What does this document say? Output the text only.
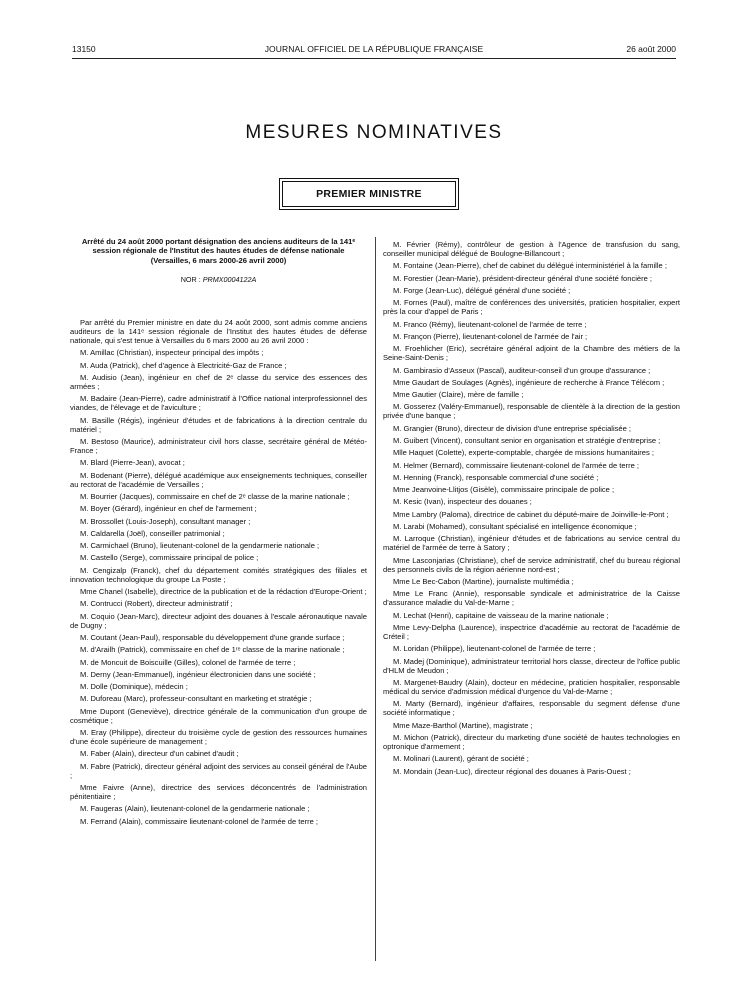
13150	JOURNAL OFFICIEL DE LA RÉPUBLIQUE FRANÇAISE	26 août 2000
MESURES NOMINATIVES
PREMIER MINISTRE
Arrêté du 24 août 2000 portant désignation des anciens auditeurs de la 141ᵉ session régionale de l'Institut des hautes études de défense nationale (Versailles, 6 mars 2000-26 avril 2000)
NOR : PRMX0004122A
Par arrêté du Premier ministre en date du 24 août 2000, sont admis comme anciens auditeurs de la 141ᵉ session régionale de l'Institut des hautes études de défense nationale, qui s'est tenue à Versailles du 6 mars 2000 au 26 avril 2000 :
M. Amillac (Christian), inspecteur principal des impôts ;
M. Auda (Patrick), chef d'agence à Electricité-Gaz de France ;
M. Audisio (Jean), ingénieur en chef de 2ᵉ classe du service des essences des armées ;
M. Badaire (Jean-Pierre), cadre administratif à l'Office national interprofessionnel des viandes, de l'élevage et de l'aviculture ;
M. Basille (Régis), ingénieur d'études et de fabrications à la direction centrale du matériel ;
M. Bestoso (Maurice), administrateur civil hors classe, secrétaire général de Météo-France ;
M. Blard (Pierre-Jean), avocat ;
M. Bodenant (Pierre), délégué académique aux enseignements techniques, conseiller au rectorat de l'académie de Versailles ;
M. Bourrier (Jacques), commissaire en chef de 2ᵉ classe de la marine nationale ;
M. Boyer (Gérard), ingénieur en chef de l'armement ;
M. Brossollet (Louis-Joseph), consultant manager ;
M. Caldarella (Joël), conseiller patrimonial ;
M. Carmichael (Bruno), lieutenant-colonel de la gendarmerie nationale ;
M. Castello (Serge), commissaire principal de police ;
M. Cengizalp (Franck), chef du département comités stratégiques des filiales et innovation technologique du groupe La Poste ;
Mme Chanel (Isabelle), directrice de la publication et de la rédaction d'Europe-Orient ;
M. Contrucci (Robert), directeur administratif ;
M. Coquio (Jean-Marc), directeur adjoint des douanes à l'escale aéronautique navale de Dugny ;
M. Coutant (Jean-Paul), responsable du développement d'une grande surface ;
M. d'Arailh (Patrick), commissaire en chef de 1ʳᵉ classe de la marine nationale ;
M. de Moncuit de Boiscuille (Gilles), colonel de l'armée de terre ;
M. Derny (Jean-Emmanuel), ingénieur électronicien dans une société ;
M. Dolle (Dominique), médecin ;
M. Duforeau (Marc), professeur-consultant en marketing et stratégie ;
Mme Dupont (Geneviève), directrice générale de la communication d'un groupe de cosmétique ;
M. Eray (Philippe), directeur du troisième cycle de gestion des ressources humaines d'une école supérieure de management ;
M. Faber (Alain), directeur d'un cabinet d'audit ;
M. Fabre (Patrick), directeur général adjoint des services au conseil général de l'Aube ;
Mme Faivre (Anne), directrice des services déconcentrés de l'administration pénitentiaire ;
M. Faugeras (Alain), lieutenant-colonel de la gendarmerie nationale ;
M. Ferrand (Alain), commissaire lieutenant-colonel de l'armée de terre ;
M. Février (Rémy), contrôleur de gestion à l'Agence de transfusion du sang, conseiller municipal délégué de Boulogne-Billancourt ;
M. Fontaine (Jean-Pierre), chef de cabinet du délégué interministériel à la famille ;
M. Forestier (Jean-Marie), président-directeur général d'une société foncière ;
M. Forge (Jean-Luc), délégué général d'une société ;
M. Fornes (Paul), maître de conférences des universités, praticien hospitalier, expert près la cour d'appel de Paris ;
M. Franco (Rémy), lieutenant-colonel de l'armée de terre ;
M. Françon (Pierre), lieutenant-colonel de l'armée de l'air ;
M. Froehlicher (Eric), secrétaire général adjoint de la Chambre des métiers de la Seine-Saint-Denis ;
M. Gambirasio d'Asseux (Pascal), auditeur-conseil d'un groupe d'assurance ;
Mme Gaudart de Soulages (Agnès), ingénieure de recherche à France Télécom ;
Mme Gautier (Claire), mère de famille ;
M. Gosserez (Valéry-Emmanuel), responsable de clientèle à la direction de la gestion privée d'une banque ;
M. Grangier (Bruno), directeur de division d'une entreprise spécialisée ;
M. Guibert (Vincent), consultant senior en organisation et stratégie d'entreprise ;
Mlle Haquet (Colette), experte-comptable, chargée de missions humanitaires ;
M. Helmer (Bernard), commissaire lieutenant-colonel de l'armée de terre ;
M. Henning (Franck), responsable commercial d'une société ;
Mme Jeanvoine-Llitjos (Gisèle), commissaire principale de police ;
M. Kesic (Ivan), inspecteur des douanes ;
Mme Lambry (Paloma), directrice de cabinet du député-maire de Joinville-le-Pont ;
M. Larabi (Mohamed), consultant spécialisé en intelligence économique ;
M. Larroque (Christian), ingénieur d'études et de fabrications au service central du matériel de l'armée de terre à Satory ;
Mme Lasconjarias (Christiane), chef de service administratif, chef du bureau régional des personnels civils de la région aérienne nord-est ;
Mme Le Bec-Cabon (Martine), journaliste multimédia ;
Mme Le Franc (Annie), responsable syndicale et administratrice de la Caisse d'assurance maladie du Val-de-Marne ;
M. Lechat (Henri), capitaine de vaisseau de la marine nationale ;
Mme Levy-Delpha (Laurence), inspectrice d'académie au rectorat de l'académie de Créteil ;
M. Loridan (Philippe), lieutenant-colonel de l'armée de terre ;
M. Madej (Dominique), administrateur territorial hors classe, directeur de l'office public d'HLM de Meudon ;
M. Margenet-Baudry (Alain), docteur en médecine, praticien hospitalier, responsable médical du service d'admission médical d'urgence du Val-de-Marne ;
M. Marty (Bernard), ingénieur d'affaires, responsable du segment défense d'une société informatique ;
Mme Maze-Barthol (Martine), magistrate ;
M. Michon (Patrick), directeur du marketing d'une société de hautes technologies en optronique d'armement ;
M. Molinari (Laurent), gérant de société ;
M. Mondain (Jean-Luc), directeur régional des douanes à Paris-Ouest ;
